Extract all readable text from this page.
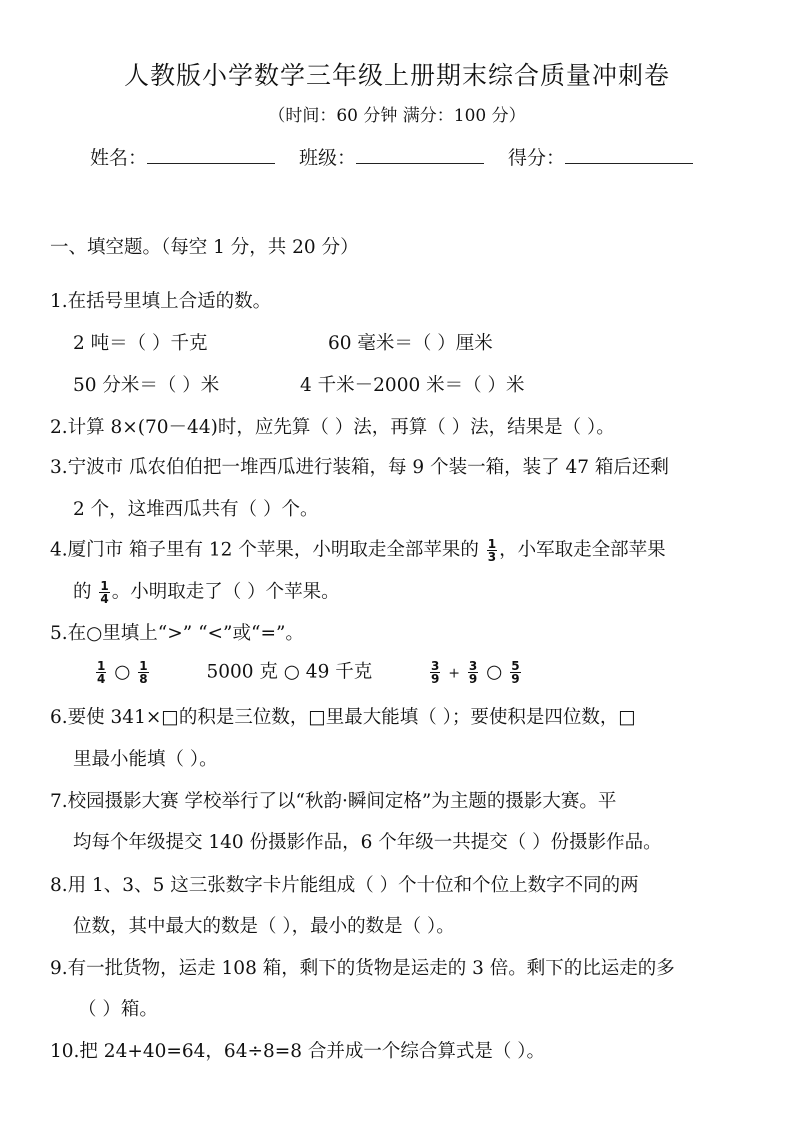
人教版小学数学三年级上册期末综合质量冲刺卷
（时间：60 分钟 满分：100 分）
姓名：	班级：	得分：
一、填空题。（每空 1 分，共 20 分）
1.在括号里填上合适的数。
2 吨＝（ ）千克	60 毫米＝（ ）厘米
50 分米＝（ ）米	4 千米－2000 米＝（ ）米
2.计算 8×(70－44)时，应先算（ ）法，再算（ ）法，结果是（ ）。
3.宁波市 瓜农伯伯把一堆西瓜进行装箱，每 9 个装一箱，装了 47 箱后还剩
2 个，这堆西瓜共有（ ）个。
4.厦门市 箱子里有 12 个苹果，小明取走全部苹果的 $\frac{1}{3}$ ，小军取走全部苹果
的 $\frac{1}{4}$ 。小明取走了（ ）个苹果。
5.在○里填上“>” “<”或“=”。
$\frac{1}{4}$ ○ $\frac{1}{8}$	5000 克 ○ 49 千克	$\frac{3}{9} + \frac{3}{9}$ ○ $\frac{5}{9}$
6.要使 341×□的积是三位数，□里最大能填（ ）；要使积是四位数，□
里最小能填（ ）。
7.校园摄影大赛 学校举行了以“秋韵·瞬间定格”为主题的摄影大赛。平
均每个年级提交 140 份摄影作品，6 个年级一共提交（ ）份摄影作品。
8.用 1、3、5 这三张数字卡片能组成（ ）个十位和个位上数字不同的两
位数，其中最大的数是（ ），最小的数是（ ）。
9.有一批货物，运走 108 箱，剩下的货物是运走的 3 倍。剩下的比运走的多
（ ）箱。
10.把 24+40=64，64÷8=8 合并成一个综合算式是（ ）。
